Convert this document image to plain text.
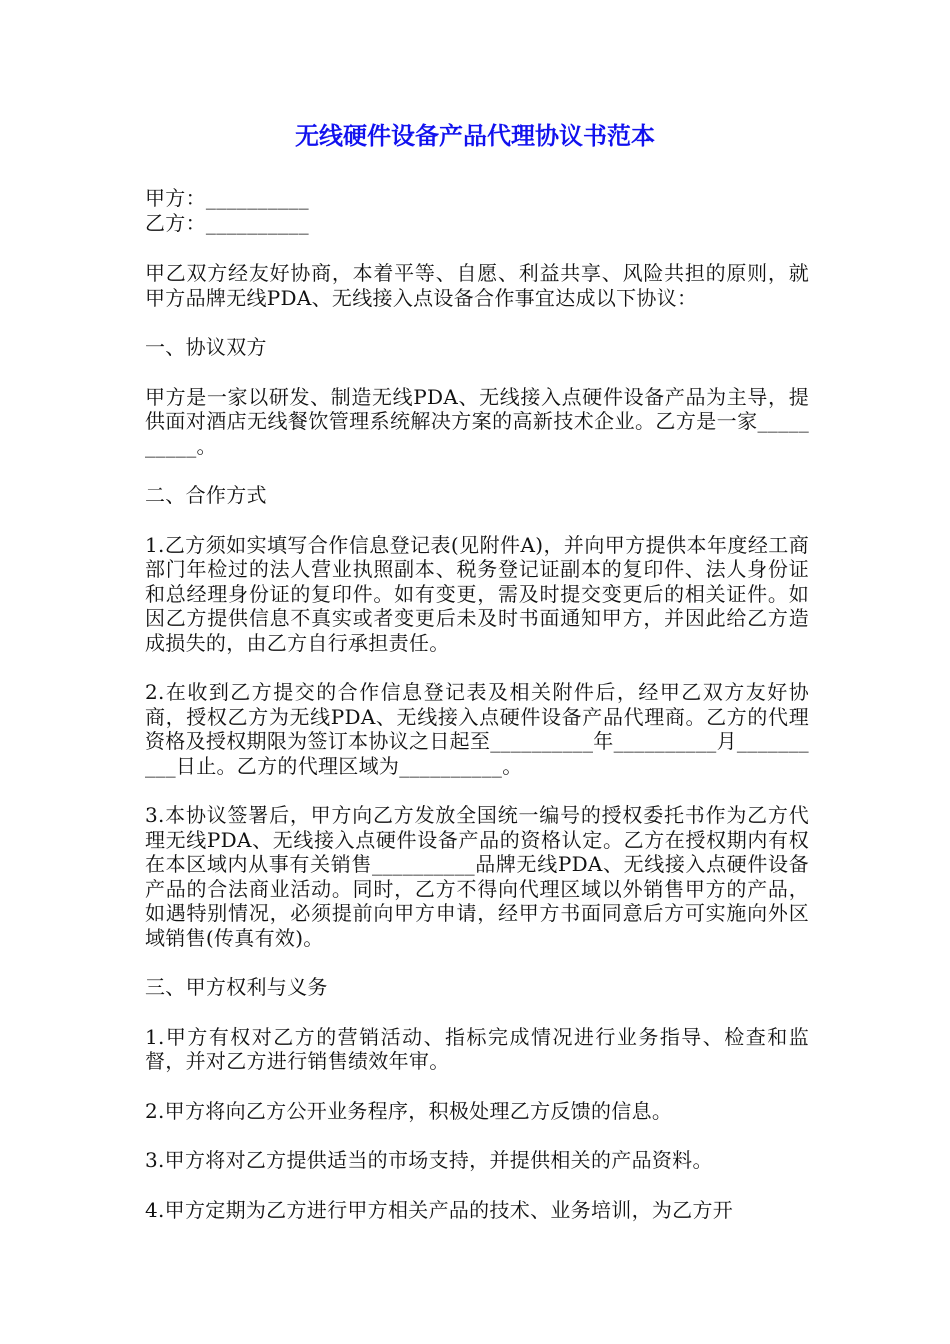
无线硬件设备产品代理协议书范本

甲方：__________

乙方：__________

甲乙双方经友好协商，本着平等、自愿、利益共享、风险共担的原则，就甲方品牌无线PDA、无线接入点设备合作事宜达成以下协议：

一、协议双方

甲方是一家以研发、制造无线PDA、无线接入点硬件设备产品为主导，提供面对酒店无线餐饮管理系统解决方案的高新技术企业。乙方是一家__________。

二、合作方式

1.乙方须如实填写合作信息登记表(见附件A)，并向甲方提供本年度经工商部门年检过的法人营业执照副本、税务登记证副本的复印件、法人身份证和总经理身份证的复印件。如有变更，需及时提交变更后的相关证件。如因乙方提供信息不真实或者变更后未及时书面通知甲方，并因此给乙方造成损失的，由乙方自行承担责任。

2.在收到乙方提交的合作信息登记表及相关附件后，经甲乙双方友好协商，授权乙方为无线PDA、无线接入点硬件设备产品代理商。乙方的代理资格及授权期限为签订本协议之日起至__________年__________月__________日止。乙方的代理区域为__________。

3.本协议签署后，甲方向乙方发放全国统一编号的授权委托书作为乙方代理无线PDA、无线接入点硬件设备产品的资格认定。乙方在授权期内有权在本区域内从事有关销售__________品牌无线PDA、无线接入点硬件设备产品的合法商业活动。同时，乙方不得向代理区域以外销售甲方的产品，如遇特别情况，必须提前向甲方申请，经甲方书面同意后方可实施向外区域销售(传真有效)。

三、甲方权利与义务

1.甲方有权对乙方的营销活动、指标完成情况进行业务指导、检查和监督，并对乙方进行销售绩效年审。

2.甲方将向乙方公开业务程序，积极处理乙方反馈的信息。

3.甲方将对乙方提供适当的市场支持，并提供相关的产品资料。

4.甲方定期为乙方进行甲方相关产品的技术、业务培训，为乙方开
